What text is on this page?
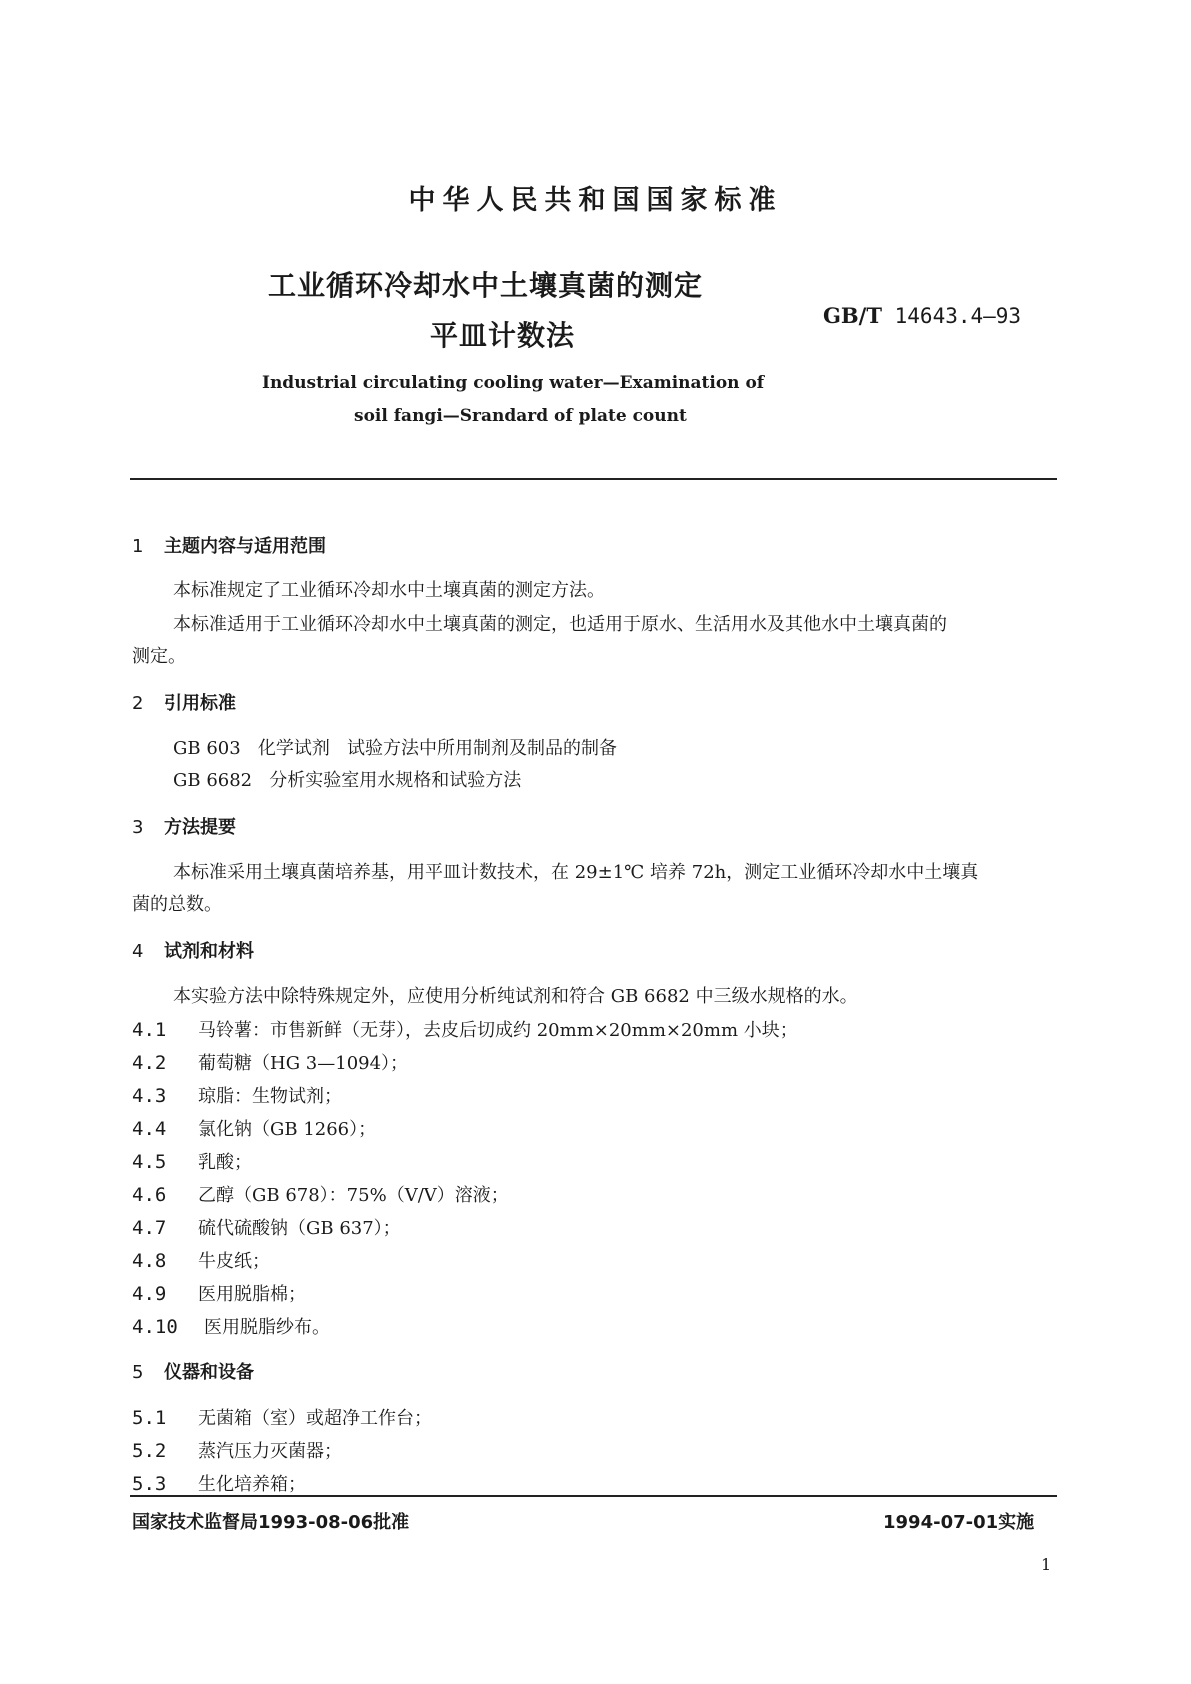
中华人民共和国国家标准
工业循环冷却水中土壤真菌的测定
平皿计数法
GB/T 14643.4—93
Industrial circulating cooling water—Examination of
soil fangi—Srandard of plate count
1 主题内容与适用范围
本标准规定了工业循环冷却水中土壤真菌的测定方法。
本标准适用于工业循环冷却水中土壤真菌的测定，也适用于原水、生活用水及其他水中土壤真菌的
测定。
2 引用标准
GB 603   化学试剂   试验方法中所用制剂及制品的制备
GB 6682   分析实验室用水规格和试验方法
3 方法提要
本标准采用土壤真菌培养基，用平皿计数技术，在 29±1℃ 培养 72h，测定工业循环冷却水中土壤真
菌的总数。
4 试剂和材料
本实验方法中除特殊规定外，应使用分析纯试剂和符合 GB 6682 中三级水规格的水。
4.1 马铃薯：市售新鲜（无芽），去皮后切成约 20mm×20mm×20mm 小块；
4.2 葡萄糖（HG 3—1094）；
4.3 琼脂：生物试剂；
4.4 氯化钠（GB 1266）；
4.5 乳酸；
4.6 乙醇（GB 678）：75%（V/V）溶液；
4.7 硫代硫酸钠（GB 637）；
4.8 牛皮纸；
4.9 医用脱脂棉；
4.10 医用脱脂纱布。
5 仪器和设备
5.1 无菌箱（室）或超净工作台；
5.2 蒸汽压力灭菌器；
5.3 生化培养箱；
国家技术监督局1993-08-06批准	1994-07-01实施
1
